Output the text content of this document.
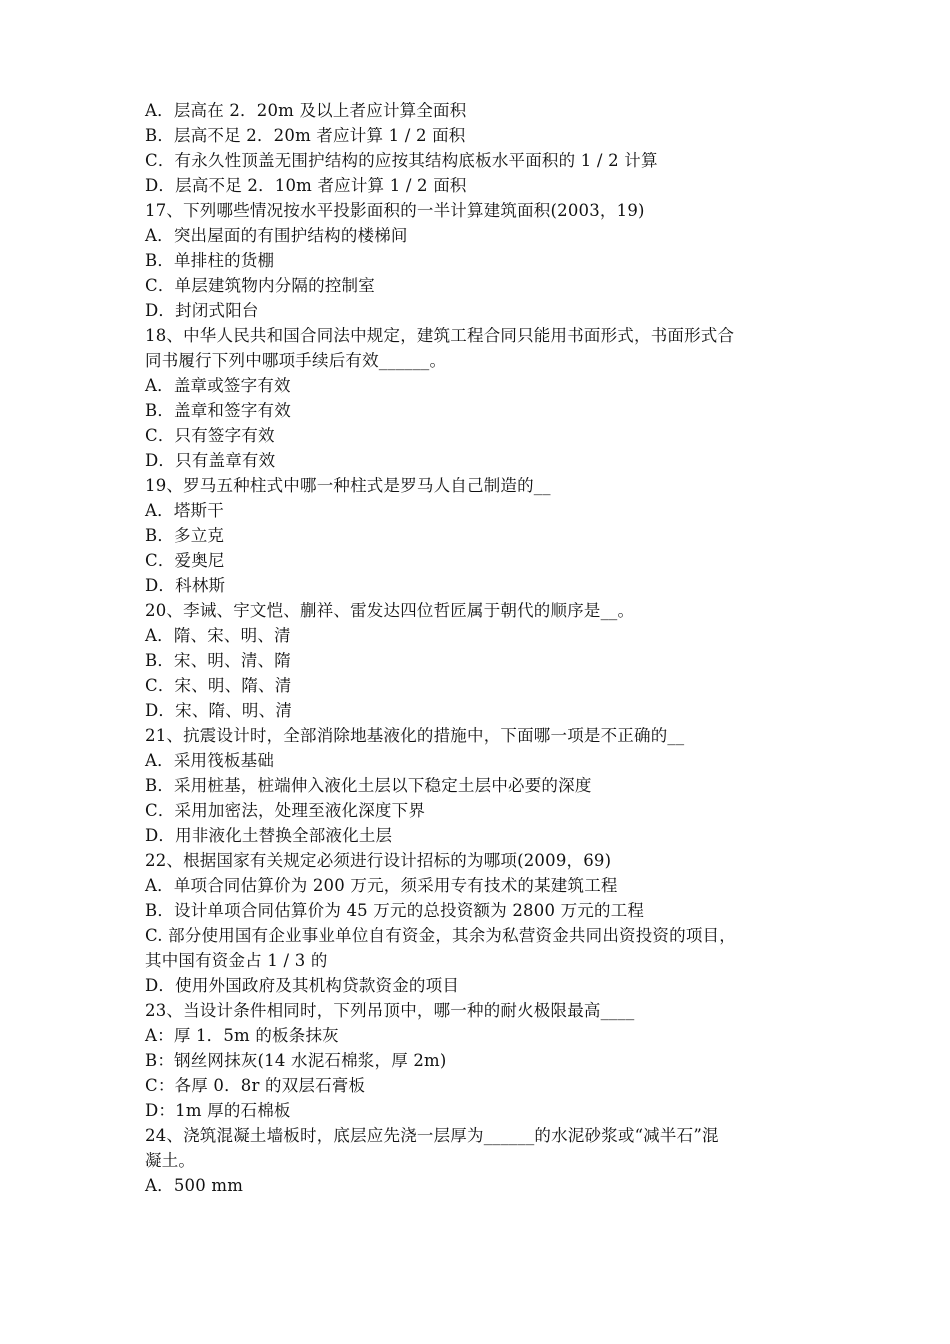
A．层高在 2．20m 及以上者应计算全面积
B．层高不足 2．20m 者应计算 1 / 2 面积
C．有永久性顶盖无围护结构的应按其结构底板水平面积的 1 / 2 计算
D．层高不足 2．10m 者应计算 1 / 2 面积
17、下列哪些情况按水平投影面积的一半计算建筑面积(2003，19)
A．突出屋面的有围护结构的楼梯间
B．单排柱的货棚
C．单层建筑物内分隔的控制室
D．封闭式阳台
18、中华人民共和国合同法中规定，建筑工程合同只能用书面形式，书面形式合
同书履行下列中哪项手续后有效______。
A．盖章或签字有效
B．盖章和签字有效
C．只有签字有效
D．只有盖章有效
19、罗马五种柱式中哪一种柱式是罗马人自己制造的__
A．塔斯干
B．多立克
C．爱奥尼
D．科林斯
20、李诫、宇文恺、蒯祥、雷发达四位哲匠属于朝代的顺序是__。
A．隋、宋、明、清
B．宋、明、清、隋
C．宋、明、隋、清
D．宋、隋、明、清
21、抗震设计时，全部消除地基液化的措施中，下面哪一项是不正确的__
A．采用筏板基础
B．采用桩基，桩端伸入液化土层以下稳定土层中必要的深度
C．采用加密法，处理至液化深度下界
D．用非液化土替换全部液化土层
22、根据国家有关规定必须进行设计招标的为哪项(2009，69)
A．单项合同估算价为 200 万元，须采用专有技术的某建筑工程
B．设计单项合同估算价为 45 万元的总投资额为 2800 万元的工程
C. 部分使用国有企业事业单位自有资金，其余为私营资金共同出资投资的项目，
其中国有资金占 1 / 3 的
D．使用外国政府及其机构贷款资金的项目
23、当设计条件相同时，下列吊顶中，哪一种的耐火极限最高____
A：厚 1．5m 的板条抹灰
B：钢丝网抹灰(14 水泥石棉浆，厚 2m)
C：各厚 0．8r 的双层石膏板
D：1m 厚的石棉板
24、浇筑混凝土墙板时，底层应先浇一层厚为______的水泥砂浆或“减半石”混
凝土。
A．500 mm
